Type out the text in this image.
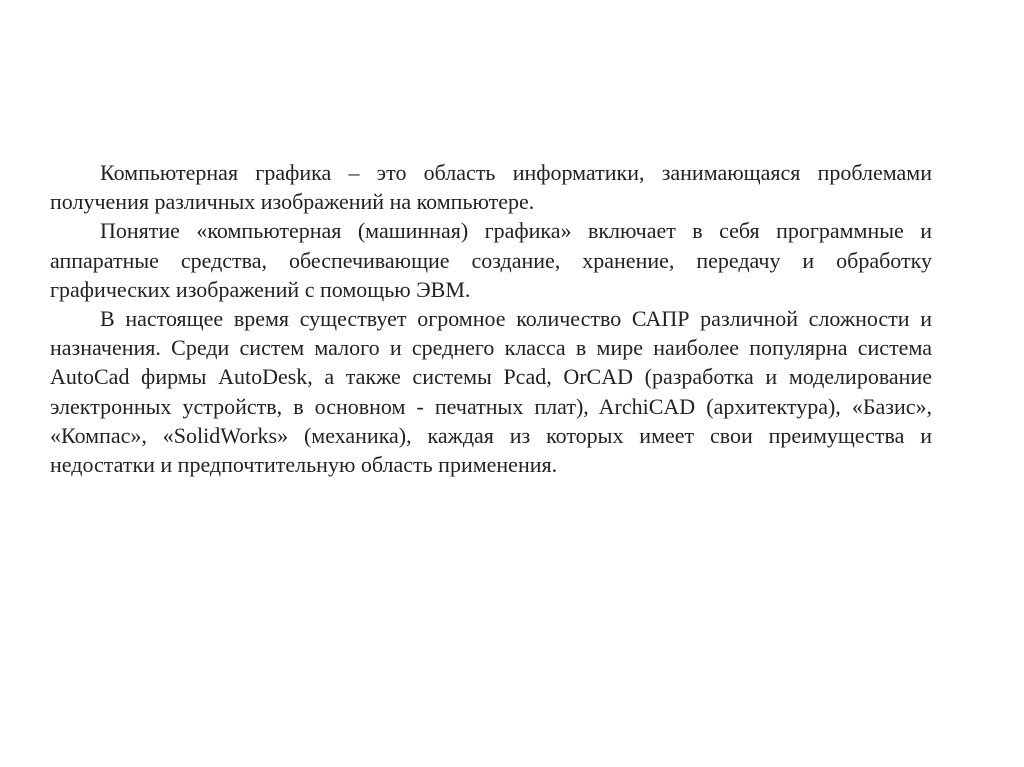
Компьютерная графика – это область информатики, занимающаяся проблемами получения различных изображений на компьютере.

Понятие «компьютерная (машинная) графика» включает в себя программные и аппаратные средства, обеспечивающие создание, хранение, передачу и обработку графических изображений с помощью ЭВМ.

В настоящее время существует огромное количество САПР различной сложности и назначения. Среди систем малого и среднего класса в мире наиболее популярна система AutoCad фирмы AutoDesk, а также системы Pcad, OrCAD (разработка и моделирование электронных устройств, в основном - печатных плат), ArchiCAD (архитектура), «Базис», «Компас», «SolidWorks» (механика), каждая из которых имеет свои преимущества и недостатки и предпочтительную область применения.
